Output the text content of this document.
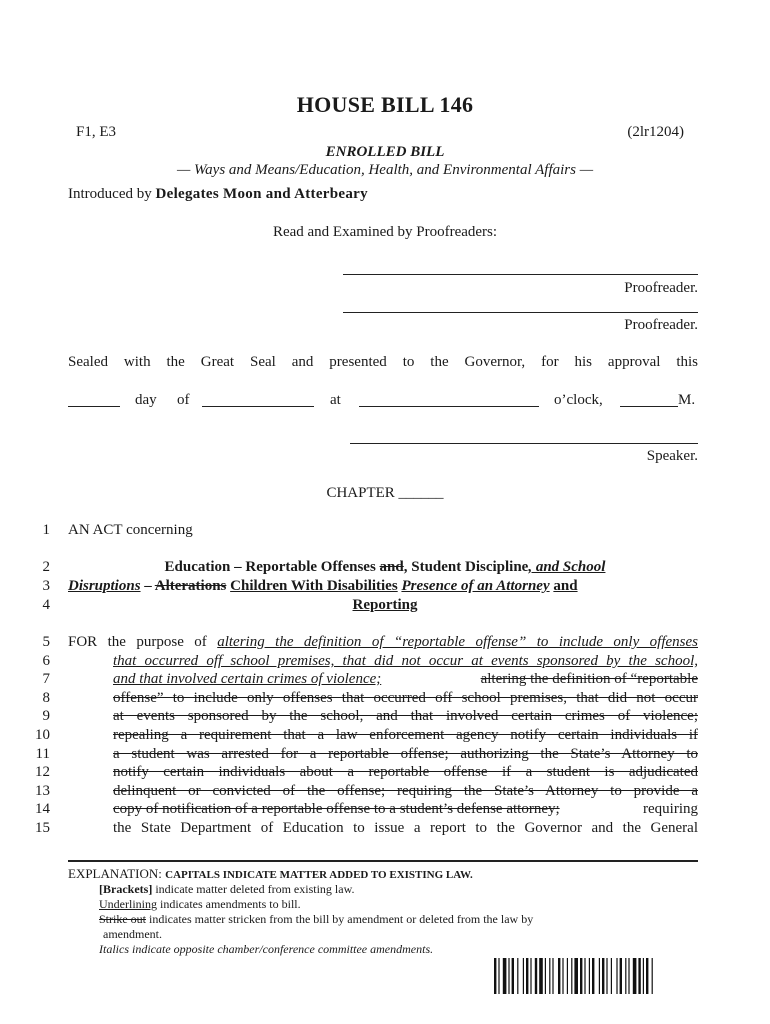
HOUSE BILL 146
F1, E3	(2lr1204)
ENROLLED BILL
— Ways and Means/Education, Health, and Environmental Affairs —
Introduced by Delegates Moon and Atterbeary
Read and Examined by Proofreaders:
Proofreader.
Proofreader.
Sealed with the Great Seal and presented to the Governor, for his approval this
day of	at	o’clock,	M.
Speaker.
CHAPTER ______
1
2
3
4
5
6
7
8
9
10
11
12
13
14
15
AN ACT concerning
Education – Reportable Offenses and, Student Discipline, and School
Disruptions – Alterations Children With Disabilities Presence of an Attorney and
Reporting
FOR the purpose of altering the definition of “reportable offense” to include only offenses
that occurred off school premises, that did not occur at events sponsored by the school,
and that involved certain crimes of violence;	altering the definition of “reportable
offense” to include only offenses that occurred off school premises, that did not occur
at events sponsored by the school, and that involved certain crimes of violence;
repealing a requirement that a law enforcement agency notify certain individuals if
a student was arrested for a reportable offense; authorizing the State’s Attorney to
notify certain individuals about a reportable offense if a student is adjudicated
delinquent or convicted of the offense; requiring the State’s Attorney to provide a
copy of notification of a reportable offense to a student’s defense attorney;	requiring
the State Department of Education to issue a report to the Governor and the General
EXPLANATION: CAPITALS INDICATE MATTER ADDED TO EXISTING LAW.
[Brackets] indicate matter deleted from existing law.
Underlining indicates amendments to bill.
Strike out indicates matter stricken from the bill by amendment or deleted from the law by
amendment.
Italics indicate opposite chamber/conference committee amendments.
